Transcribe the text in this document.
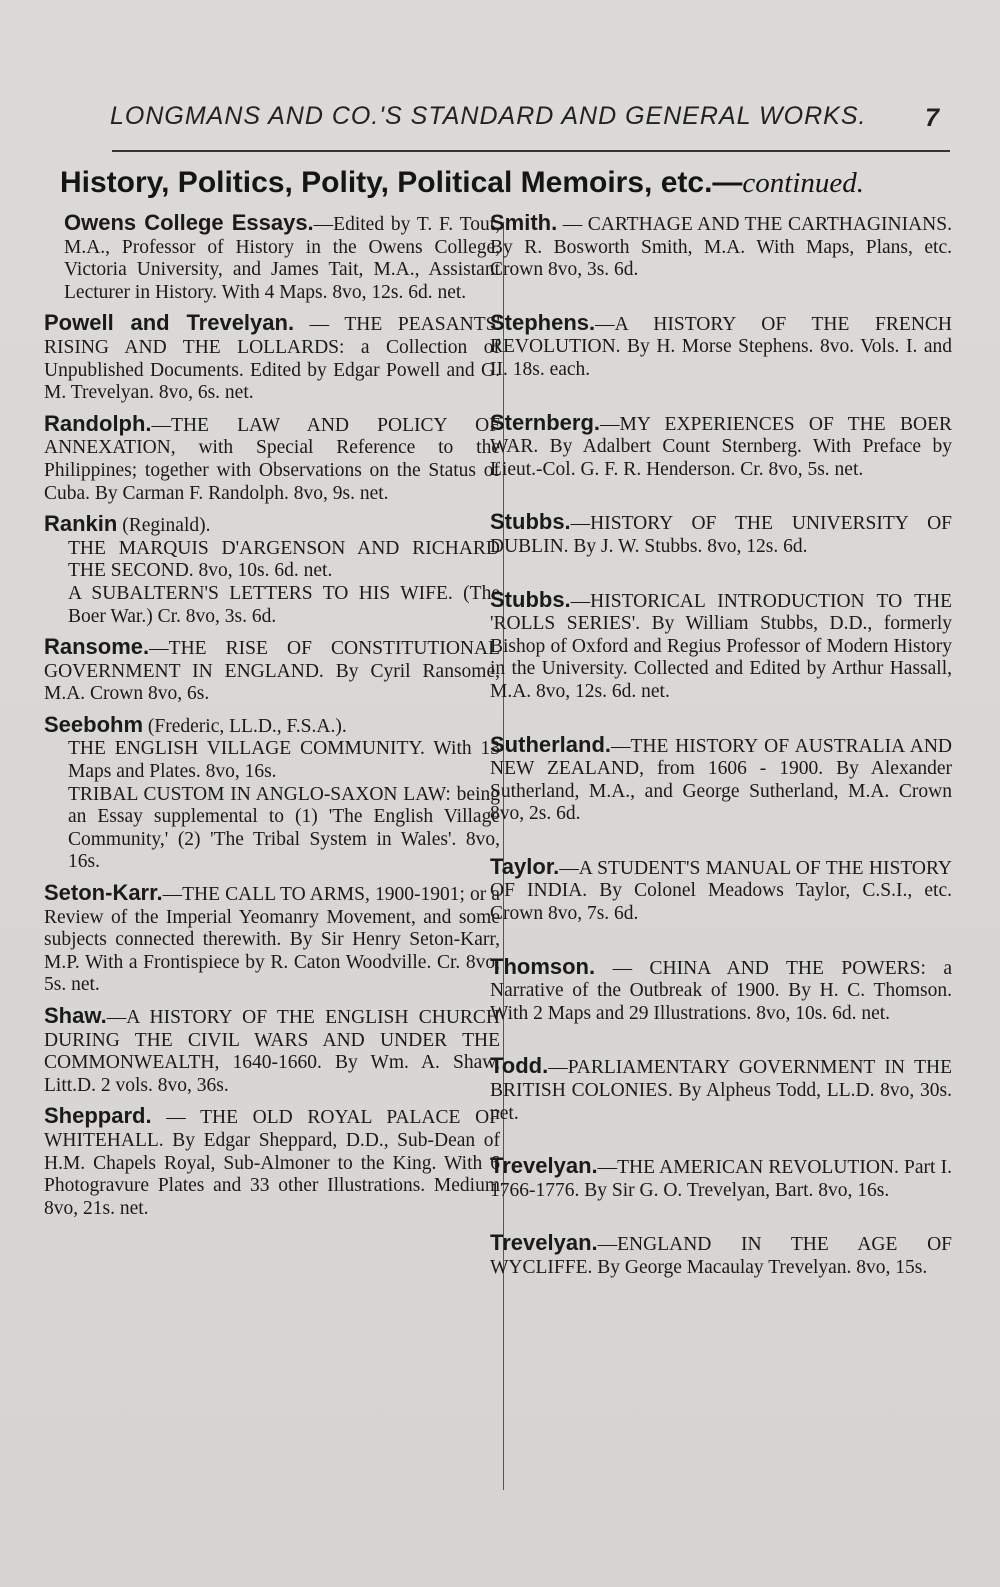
LONGMANS AND CO.'S STANDARD AND GENERAL WORKS. 7
History, Politics, Polity, Political Memoirs, etc.—continued.

Owens College Essays.—Edited by T. F. Tout, M.A., Professor of History in the Owens College, Victoria University, and James Tait, M.A., Assistant Lecturer in History. With 4 Maps. 8vo, 12s. 6d. net.

Powell and Trevelyan. — THE PEASANTS' RISING AND THE LOLLARDS: a Collection of Unpublished Documents. Edited by Edgar Powell and G. M. Trevelyan. 8vo, 6s. net.

Randolph.—THE LAW AND POLICY OF ANNEXATION, with Special Reference to the Philippines; together with Observations on the Status of Cuba. By Carman F. Randolph. 8vo, 9s. net.

Rankin (Reginald).

THE MARQUIS D'ARGENSON AND RICHARD THE SECOND. 8vo, 10s. 6d. net.

A SUBALTERN'S LETTERS TO HIS WIFE. (The Boer War.) Cr. 8vo, 3s. 6d.

Ransome.—THE RISE OF CONSTITUTIONAL GOVERNMENT IN ENGLAND. By Cyril Ransome, M.A. Crown 8vo, 6s.

Seebohm (Frederic, LL.D., F.S.A.).

THE ENGLISH VILLAGE COMMUNITY. With 13 Maps and Plates. 8vo, 16s.

TRIBAL CUSTOM IN ANGLO-SAXON LAW: being an Essay supplemental to (1) 'The English Village Community,' (2) 'The Tribal System in Wales'. 8vo, 16s.

Seton-Karr.—THE CALL TO ARMS, 1900-1901; or a Review of the Imperial Yeomanry Movement, and some subjects connected therewith. By Sir Henry Seton-Karr, M.P. With a Frontispiece by R. Caton Woodville. Cr. 8vo, 5s. net.

Shaw.—A HISTORY OF THE ENGLISH CHURCH DURING THE CIVIL WARS AND UNDER THE COMMONWEALTH, 1640-1660. By Wm. A. Shaw, Litt.D. 2 vols. 8vo, 36s.

Sheppard. — THE OLD ROYAL PALACE OF WHITEHALL. By Edgar Sheppard, D.D., Sub-Dean of H.M. Chapels Royal, Sub-Almoner to the King. With 6 Photogravure Plates and 33 other Illustrations. Medium 8vo, 21s. net.

Smith. — CARTHAGE AND THE CARTHAGINIANS. By R. Bosworth Smith, M.A. With Maps, Plans, etc. Crown 8vo, 3s. 6d.

Stephens.—A HISTORY OF THE FRENCH REVOLUTION. By H. Morse Stephens. 8vo. Vols. I. and II. 18s. each.

Sternberg.—MY EXPERIENCES OF THE BOER WAR. By Adalbert Count Sternberg. With Preface by Lieut.-Col. G. F. R. Henderson. Cr. 8vo, 5s. net.

Stubbs.—HISTORY OF THE UNIVERSITY OF DUBLIN. By J. W. Stubbs. 8vo, 12s. 6d.

Stubbs.—HISTORICAL INTRODUCTION TO THE 'ROLLS SERIES'. By William Stubbs, D.D., formerly Bishop of Oxford and Regius Professor of Modern History in the University. Collected and Edited by Arthur Hassall, M.A. 8vo, 12s. 6d. net.

Sutherland.—THE HISTORY OF AUSTRALIA AND NEW ZEALAND, from 1606 - 1900. By Alexander Sutherland, M.A., and George Sutherland, M.A. Crown 8vo, 2s. 6d.

Taylor.—A STUDENT'S MANUAL OF THE HISTORY OF INDIA. By Colonel Meadows Taylor, C.S.I., etc. Crown 8vo, 7s. 6d.

Thomson. — CHINA AND THE POWERS: a Narrative of the Outbreak of 1900. By H. C. Thomson. With 2 Maps and 29 Illustrations. 8vo, 10s. 6d. net.

Todd.—PARLIAMENTARY GOVERNMENT IN THE BRITISH COLONIES. By Alpheus Todd, LL.D. 8vo, 30s. net.

Trevelyan.—THE AMERICAN REVOLUTION. Part I. 1766-1776. By Sir G. O. Trevelyan, Bart. 8vo, 16s.

Trevelyan.—ENGLAND IN THE AGE OF WYCLIFFE. By George Macaulay Trevelyan. 8vo, 15s.
